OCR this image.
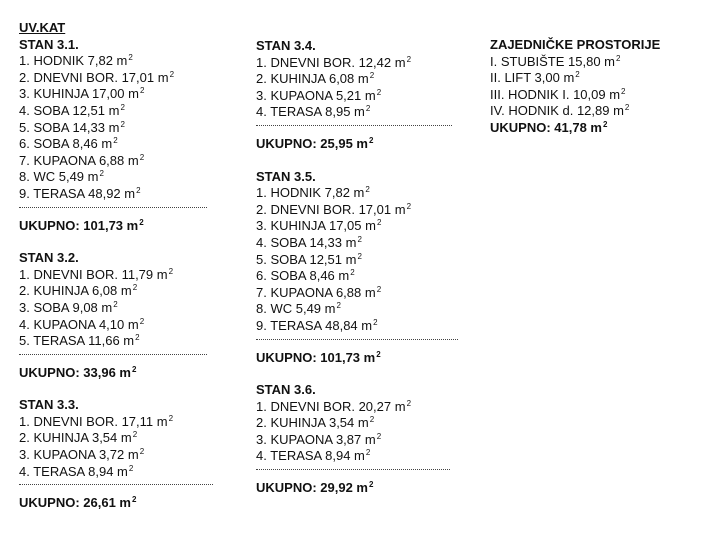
UV.KAT
STAN 3.1.
1. HODNIK 7,82 $m^2$
2. DNEVNI BOR. 17,01 $m^2$
3. KUHINJA 17,00 $m^2$
4. SOBA 12,51 $m^2$
5. SOBA 14,33 $m^2$
6. SOBA 8,46 $m^2$
7. KUPAONA 6,88 $m^2$
8. WC 5,49 $m^2$
9. TERASA 48,92 $m^2$
UKUPNO: 101,73 $m^2$
STAN 3.2.
1. DNEVNI BOR. 11,79 $m^2$
2. KUHINJA 6,08 $m^2$
3. SOBA 9,08 $m^2$
4. KUPAONA 4,10 $m^2$
5. TERASA 11,66 $m^2$
UKUPNO: 33,96 $m^2$
STAN 3.3.
1. DNEVNI BOR. 17,11 $m^2$
2. KUHINJA 3,54 $m^2$
3. KUPAONA 3,72 $m^2$
4. TERASA 8,94 $m^2$
UKUPNO: 26,61 $m^2$
STAN 3.4.
1. DNEVNI BOR. 12,42 $m^2$
2. KUHINJA 6,08 $m^2$
3. KUPAONA 5,21 $m^2$
4. TERASA 8,95 $m^2$
UKUPNO: 25,95 $m^2$
STAN 3.5.
1. HODNIK 7,82 $m^2$
2. DNEVNI BOR. 17,01 $m^2$
3. KUHINJA 17,05 $m^2$
4. SOBA 14,33 $m^2$
5. SOBA 12,51 $m^2$
6. SOBA 8,46 $m^2$
7. KUPAONA 6,88 $m^2$
8. WC 5,49 $m^2$
9. TERASA 48,84 $m^2$
UKUPNO: 101,73 $m^2$
STAN 3.6.
1. DNEVNI BOR. 20,27 $m^2$
2. KUHINJA 3,54 $m^2$
3. KUPAONA 3,87 $m^2$
4. TERASA 8,94 $m^2$
UKUPNO: 29,92 $m^2$
ZAJEDNIČKE PROSTORIJE
I. STUBIŠTE 15,80 $m^2$
II. LIFT 3,00 $m^2$
III. HODNIK I. 10,09 $m^2$
IV. HODNIK d. 12,89 $m^2$
UKUPNO: 41,78 $m^2$
